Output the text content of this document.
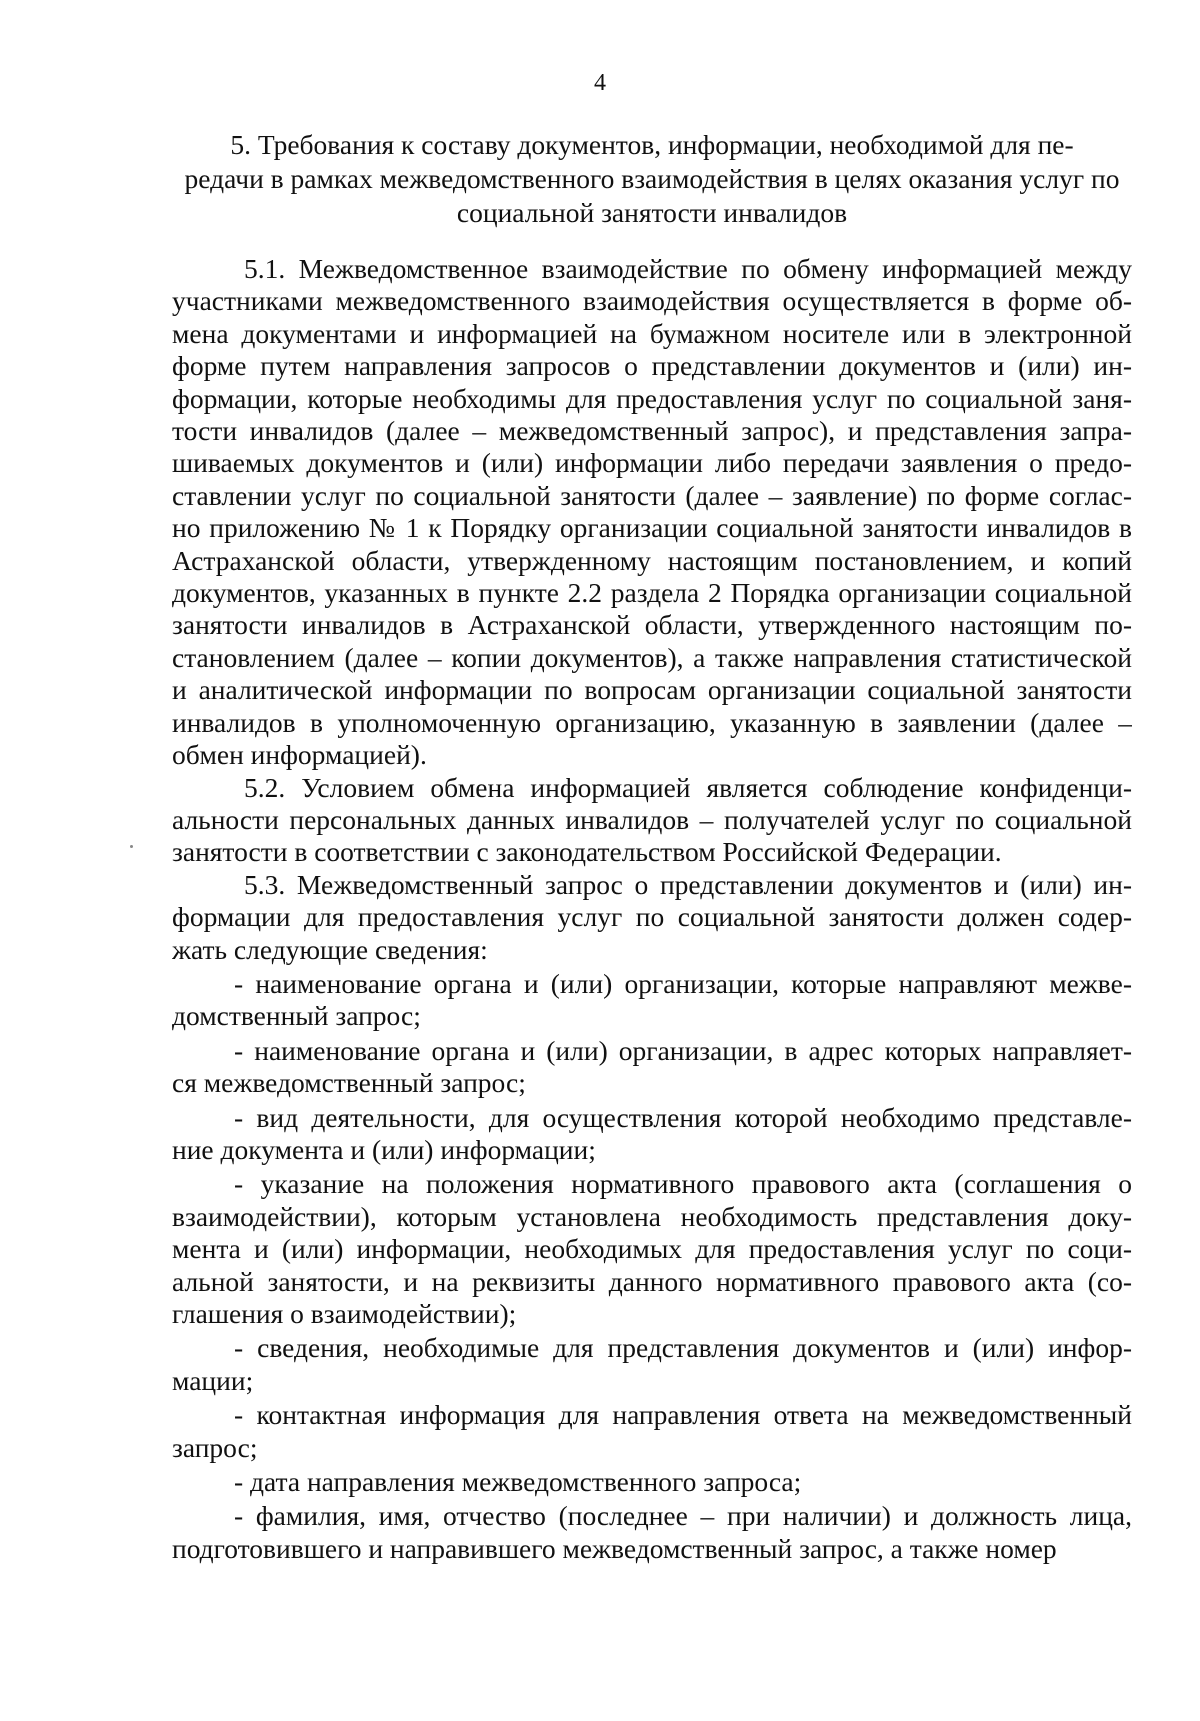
4
5. Требования к составу документов, информации, необходимой для пе-
редачи в рамках межведомственного взаимодействия в целях оказания услуг по
социальной занятости инвалидов
5.1. Межведомственное взаимодействие по обмену информацией между
участниками межведомственного взаимодействия осуществляется в форме об-
мена документами и информацией на бумажном носителе или в электронной
форме путем направления запросов о представлении документов и (или) ин-
формации, которые необходимы для предоставления услуг по социальной заня-
тости инвалидов (далее – межведомственный запрос), и представления запра-
шиваемых документов и (или) информации либо передачи заявления о предо-
ставлении услуг по социальной занятости (далее – заявление) по форме соглас-
но приложению № 1 к Порядку организации социальной занятости инвалидов в
Астраханской области, утвержденному настоящим постановлением, и копий
документов, указанных в пункте 2.2 раздела 2 Порядка организации социальной
занятости инвалидов в Астраханской области, утвержденного настоящим по-
становлением (далее – копии документов), а также направления статистической
и аналитической информации по вопросам организации социальной занятости
инвалидов в уполномоченную организацию, указанную в заявлении (далее –
обмен информацией).
5.2. Условием обмена информацией является соблюдение конфиденци-
альности персональных данных инвалидов – получателей услуг по социальной
занятости в соответствии с законодательством Российской Федерации.
5.3. Межведомственный запрос о представлении документов и (или) ин-
формации для предоставления услуг по социальной занятости должен содер-
жать следующие сведения:
- наименование органа и (или) организации, которые направляют межве-
домственный запрос;
- наименование органа и (или) организации, в адрес которых направляет-
ся межведомственный запрос;
- вид деятельности, для осуществления которой необходимо представле-
ние документа и (или) информации;
- указание на положения нормативного правового акта (соглашения о
взаимодействии), которым установлена необходимость представления доку-
мента и (или) информации, необходимых для предоставления услуг по соци-
альной занятости, и на реквизиты данного нормативного правового акта (со-
глашения о взаимодействии);
- сведения, необходимые для представления документов и (или) инфор-
мации;
- контактная информация для направления ответа на межведомственный
запрос;
- дата направления межведомственного запроса;
- фамилия, имя, отчество (последнее – при наличии) и должность лица,
подготовившего и направившего межведомственный запрос, а также номер
